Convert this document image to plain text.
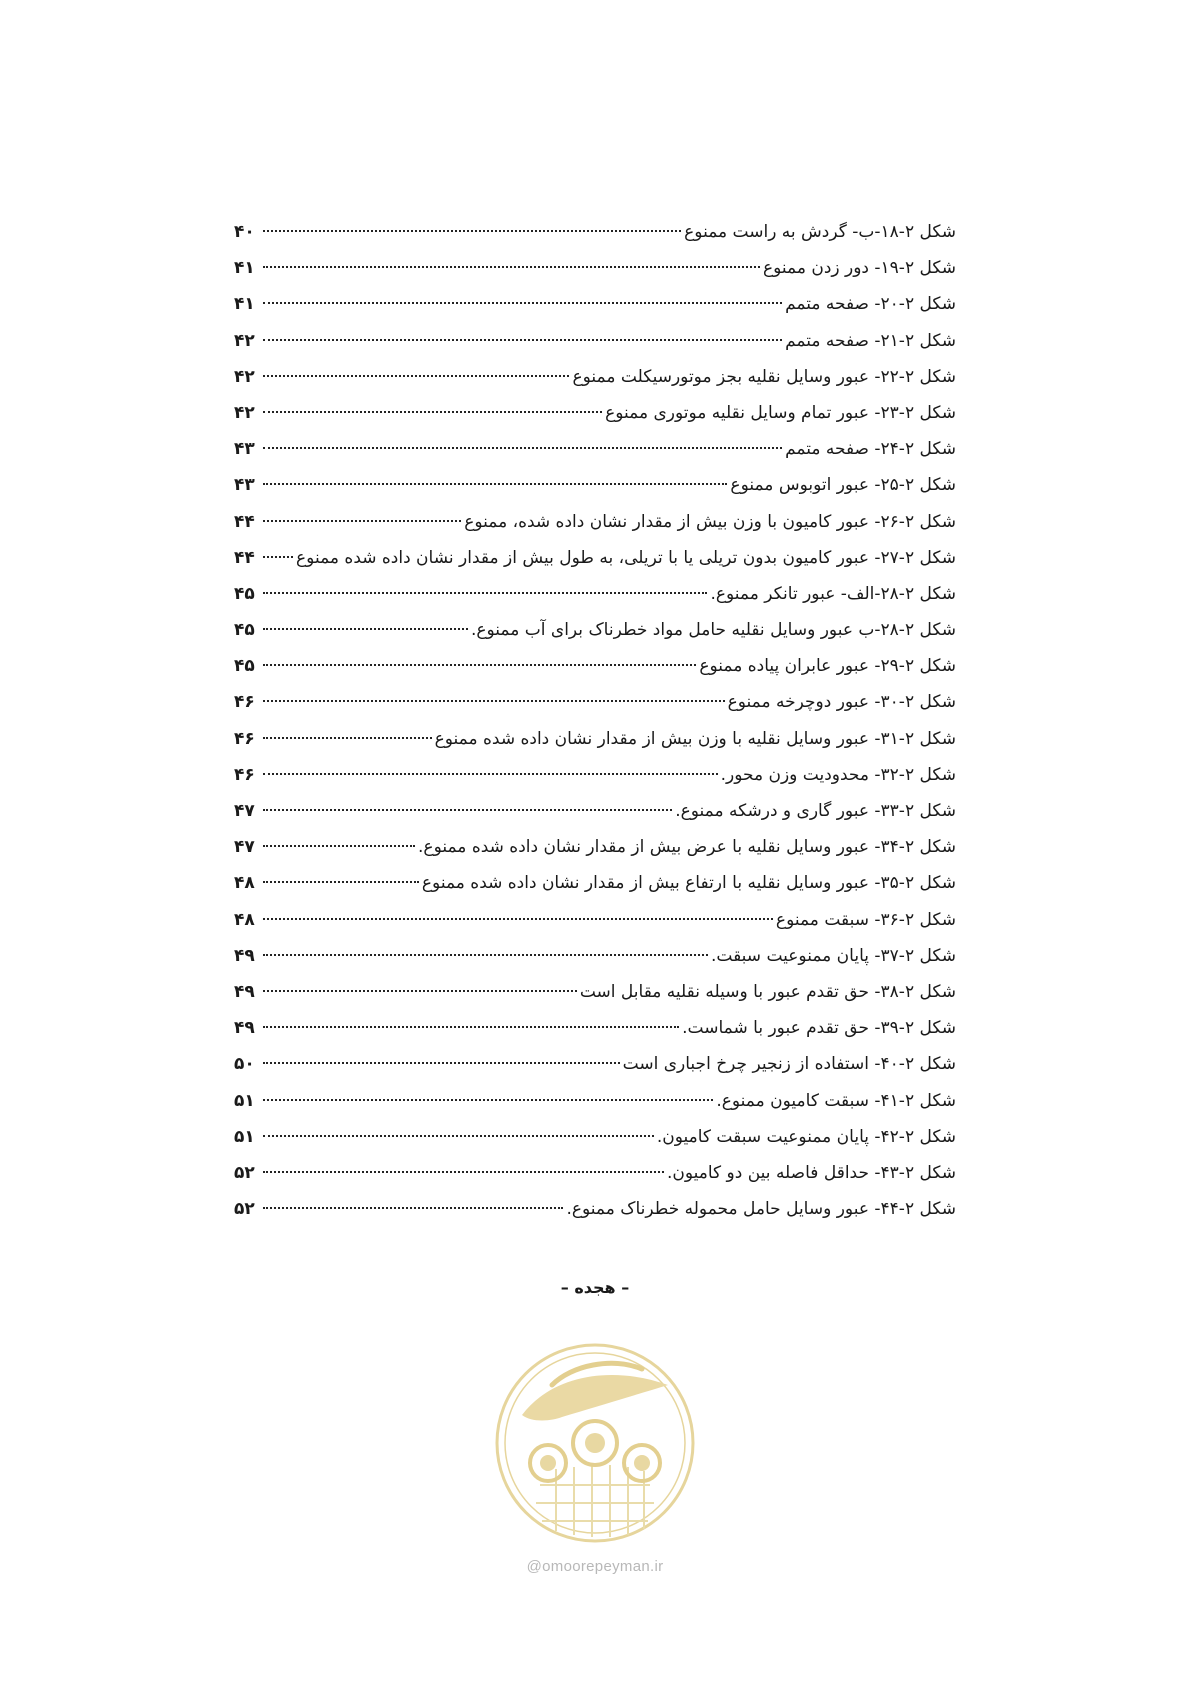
شکل ۲-۱۸-ب- گردش به راست ممنوع
۴۰
شکل ۲-۱۹- دور زدن ممنوع
۴۱
شکل ۲-۲۰- صفحه متمم
۴۱
شکل ۲-۲۱- صفحه متمم
۴۲
شکل ۲-۲۲- عبور وسایل نقلیه بجز موتورسیکلت ممنوع
۴۲
شکل ۲-۲۳- عبور تمام وسایل نقلیه موتوری ممنوع
۴۲
شکل ۲-۲۴- صفحه متمم
۴۳
شکل ۲-۲۵- عبور اتوبوس ممنوع
۴۳
شکل ۲-۲۶- عبور کامیون با وزن بیش از مقدار نشان داده شده، ممنوع
۴۴
شکل ۲-۲۷- عبور کامیون بدون تریلی یا با تریلی، به طول بیش از مقدار نشان داده شده ممنوع
۴۴
شکل ۲-۲۸-الف- عبور تانکر ممنوع.
۴۵
شکل ۲-۲۸-ب عبور وسایل نقلیه حامل مواد خطرناک برای آب ممنوع.
۴۵
شکل ۲-۲۹- عبور عابران پیاده ممنوع
۴۵
شکل ۲-۳۰- عبور دوچرخه ممنوع
۴۶
شکل ۲-۳۱- عبور وسایل نقلیه با وزن بیش از مقدار نشان داده شده ممنوع
۴۶
شکل ۲-۳۲- محدودیت وزن محور.
۴۶
شکل ۲-۳۳- عبور گاری و درشکه ممنوع.
۴۷
شکل ۲-۳۴- عبور وسایل نقلیه با عرض بیش از مقدار نشان داده شده ممنوع.
۴۷
شکل ۲-۳۵- عبور وسایل نقلیه با ارتفاع بیش از مقدار نشان داده شده ممنوع
۴۸
شکل ۲-۳۶- سبقت ممنوع
۴۸
شکل ۲-۳۷- پایان ممنوعیت سبقت.
۴۹
شکل ۲-۳۸- حق تقدم عبور با وسیله نقلیه مقابل است
۴۹
شکل ۲-۳۹- حق تقدم عبور با شماست.
۴۹
شکل ۲-۴۰- استفاده از زنجیر چرخ اجباری است
۵۰
شکل ۲-۴۱- سبقت کامیون ممنوع.
۵۱
شکل ۲-۴۲- پایان ممنوعیت سبقت کامیون.
۵۱
شکل ۲-۴۳- حداقل فاصله بین دو کامیون.
۵۲
شکل ۲-۴۴- عبور وسایل حامل محموله خطرناک ممنوع.
۵۲
– هجده –
@omoorepeyman.ir
